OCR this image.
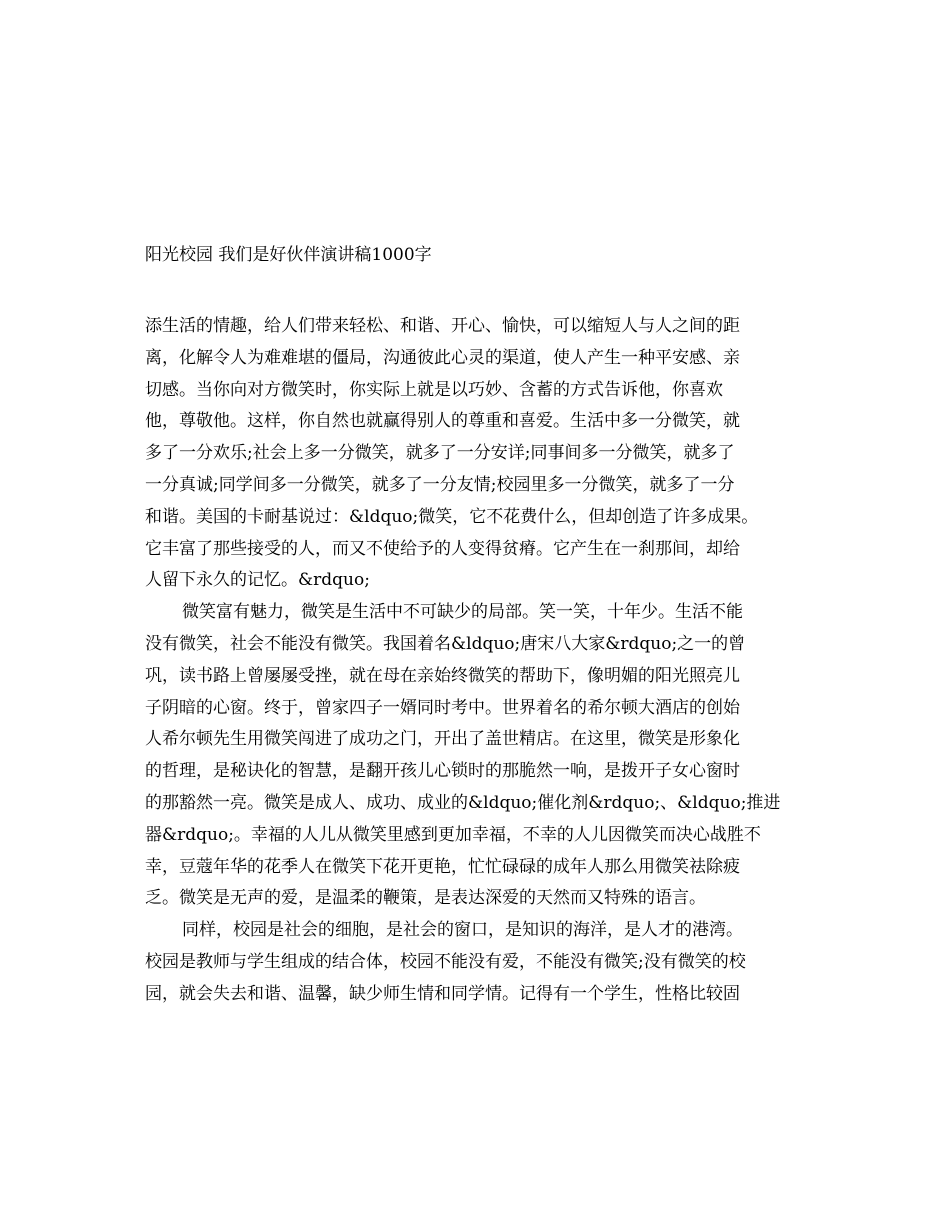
阳光校园 我们是好伙伴演讲稿1000字
添生活的情趣，给人们带来轻松、和谐、开心、愉快，可以缩短人与人之间的距
离，化解令人为难难堪的僵局，沟通彼此心灵的渠道，使人产生一种平安感、亲
切感。当你向对方微笑时，你实际上就是以巧妙、含蓄的方式告诉他，你喜欢
他，尊敬他。这样，你自然也就赢得别人的尊重和喜爱。生活中多一分微笑，就
多了一分欢乐;社会上多一分微笑，就多了一分安详;同事间多一分微笑，就多了
一分真诚;同学间多一分微笑，就多了一分友情;校园里多一分微笑，就多了一分
和谐。美国的卡耐基说过：&ldquo;微笑，它不花费什么，但却创造了许多成果。
它丰富了那些接受的人，而又不使给予的人变得贫瘠。它产生在一刹那间，却给
人留下永久的记忆。&rdquo;
微笑富有魅力，微笑是生活中不可缺少的局部。笑一笑，十年少。生活不能
没有微笑，社会不能没有微笑。我国着名&ldquo;唐宋八大家&rdquo;之一的曾
巩，读书路上曾屡屡受挫，就在母在亲始终微笑的帮助下，像明媚的阳光照亮儿
子阴暗的心窗。终于，曾家四子一婿同时考中。世界着名的希尔顿大酒店的创始
人希尔顿先生用微笑闯进了成功之门，开出了盖世精店。在这里，微笑是形象化
的哲理，是秘诀化的智慧，是翻开孩儿心锁时的那脆然一响，是拨开子女心窗时
的那豁然一亮。微笑是成人、成功、成业的&ldquo;催化剂&rdquo;、&ldquo;推进
器&rdquo;。幸福的人儿从微笑里感到更加幸福，不幸的人儿因微笑而决心战胜不
幸，豆蔻年华的花季人在微笑下花开更艳，忙忙碌碌的成年人那么用微笑祛除疲
乏。微笑是无声的爱，是温柔的鞭策，是表达深爱的天然而又特殊的语言。
同样，校园是社会的细胞，是社会的窗口，是知识的海洋，是人才的港湾。
校园是教师与学生组成的结合体，校园不能没有爱，不能没有微笑;没有微笑的校
园，就会失去和谐、温馨，缺少师生情和同学情。记得有一个学生，性格比较固
